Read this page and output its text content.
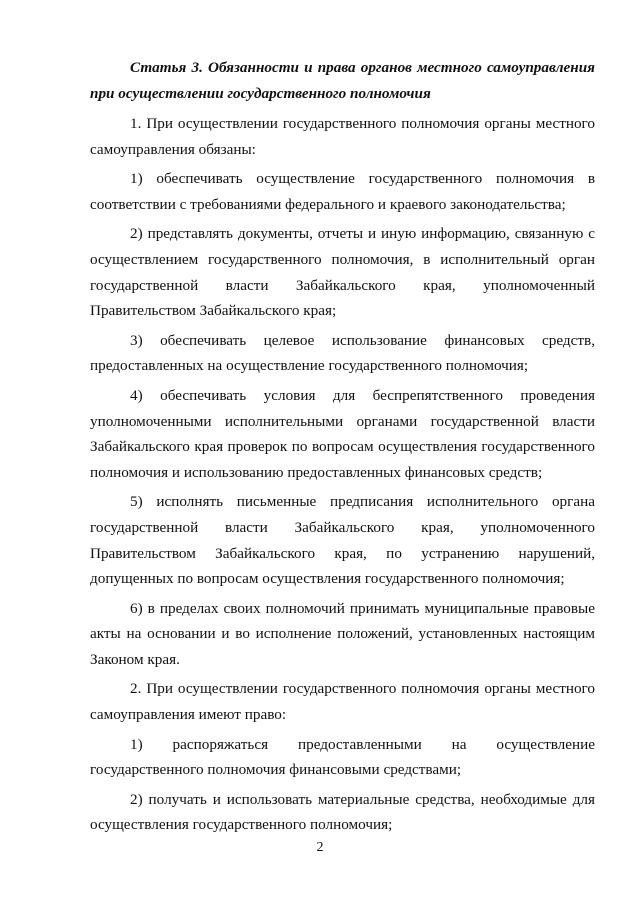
Статья 3. Обязанности и права органов местного самоуправления при осуществлении государственного полномочия

1. При осуществлении государственного полномочия органы местного самоуправления обязаны:

1) обеспечивать осуществление государственного полномочия в соответствии с требованиями федерального и краевого законодательства;

2) представлять документы, отчеты и иную информацию, связанную с осуществлением государственного полномочия, в исполнительный орган государственной власти Забайкальского края, уполномоченный Правительством Забайкальского края;

3) обеспечивать целевое использование финансовых средств, предоставленных на осуществление государственного полномочия;

4) обеспечивать условия для беспрепятственного проведения уполномоченными исполнительными органами государственной власти Забайкальского края проверок по вопросам осуществления государственного полномочия и использованию предоставленных финансовых средств;

5) исполнять письменные предписания исполнительного органа государственной власти Забайкальского края, уполномоченного Правительством Забайкальского края, по устранению нарушений, допущенных по вопросам осуществления государственного полномочия;

6) в пределах своих полномочий принимать муниципальные правовые акты на основании и во исполнение положений, установленных настоящим Законом края.

2. При осуществлении государственного полномочия органы местного самоуправления имеют право:

1) распоряжаться предоставленными на осуществление государственного полномочия финансовыми средствами;

2) получать и использовать материальные средства, необходимые для осуществления государственного полномочия;

2
